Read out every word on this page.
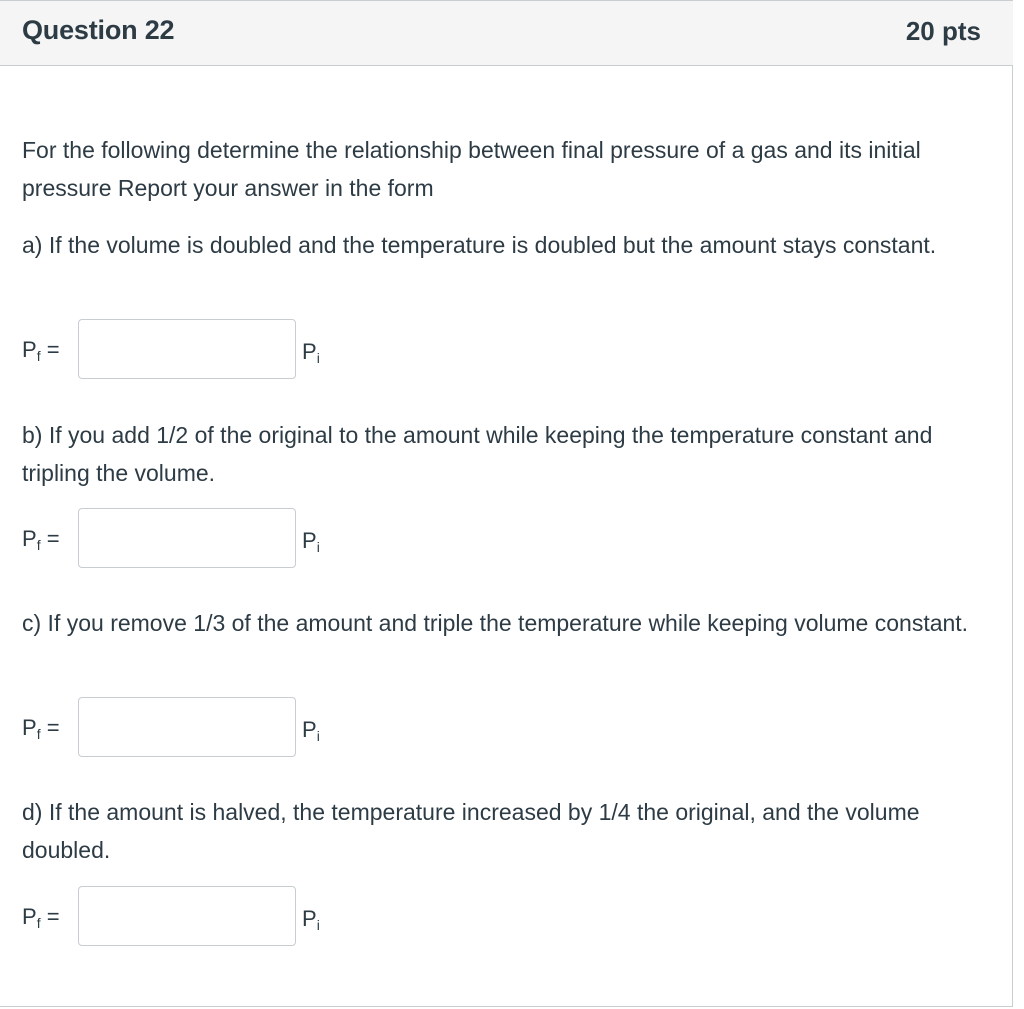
Question 22	20 pts
For the following determine the relationship between final pressure of a gas and its initial pressure Report your answer in the form
a) If the volume is doubled and the temperature is doubled but the amount stays constant.
$P_f$ =	$P_i$
b) If you add 1/2 of the original to the amount while keeping the temperature constant and tripling the volume.
$P_f$ =	$P_i$
c) If you remove 1/3 of the amount and triple the temperature while keeping volume constant.
$P_f$ =	$P_i$
d) If the amount is halved, the temperature increased by 1/4 the original, and the volume doubled.
$P_f$ =	$P_i$
